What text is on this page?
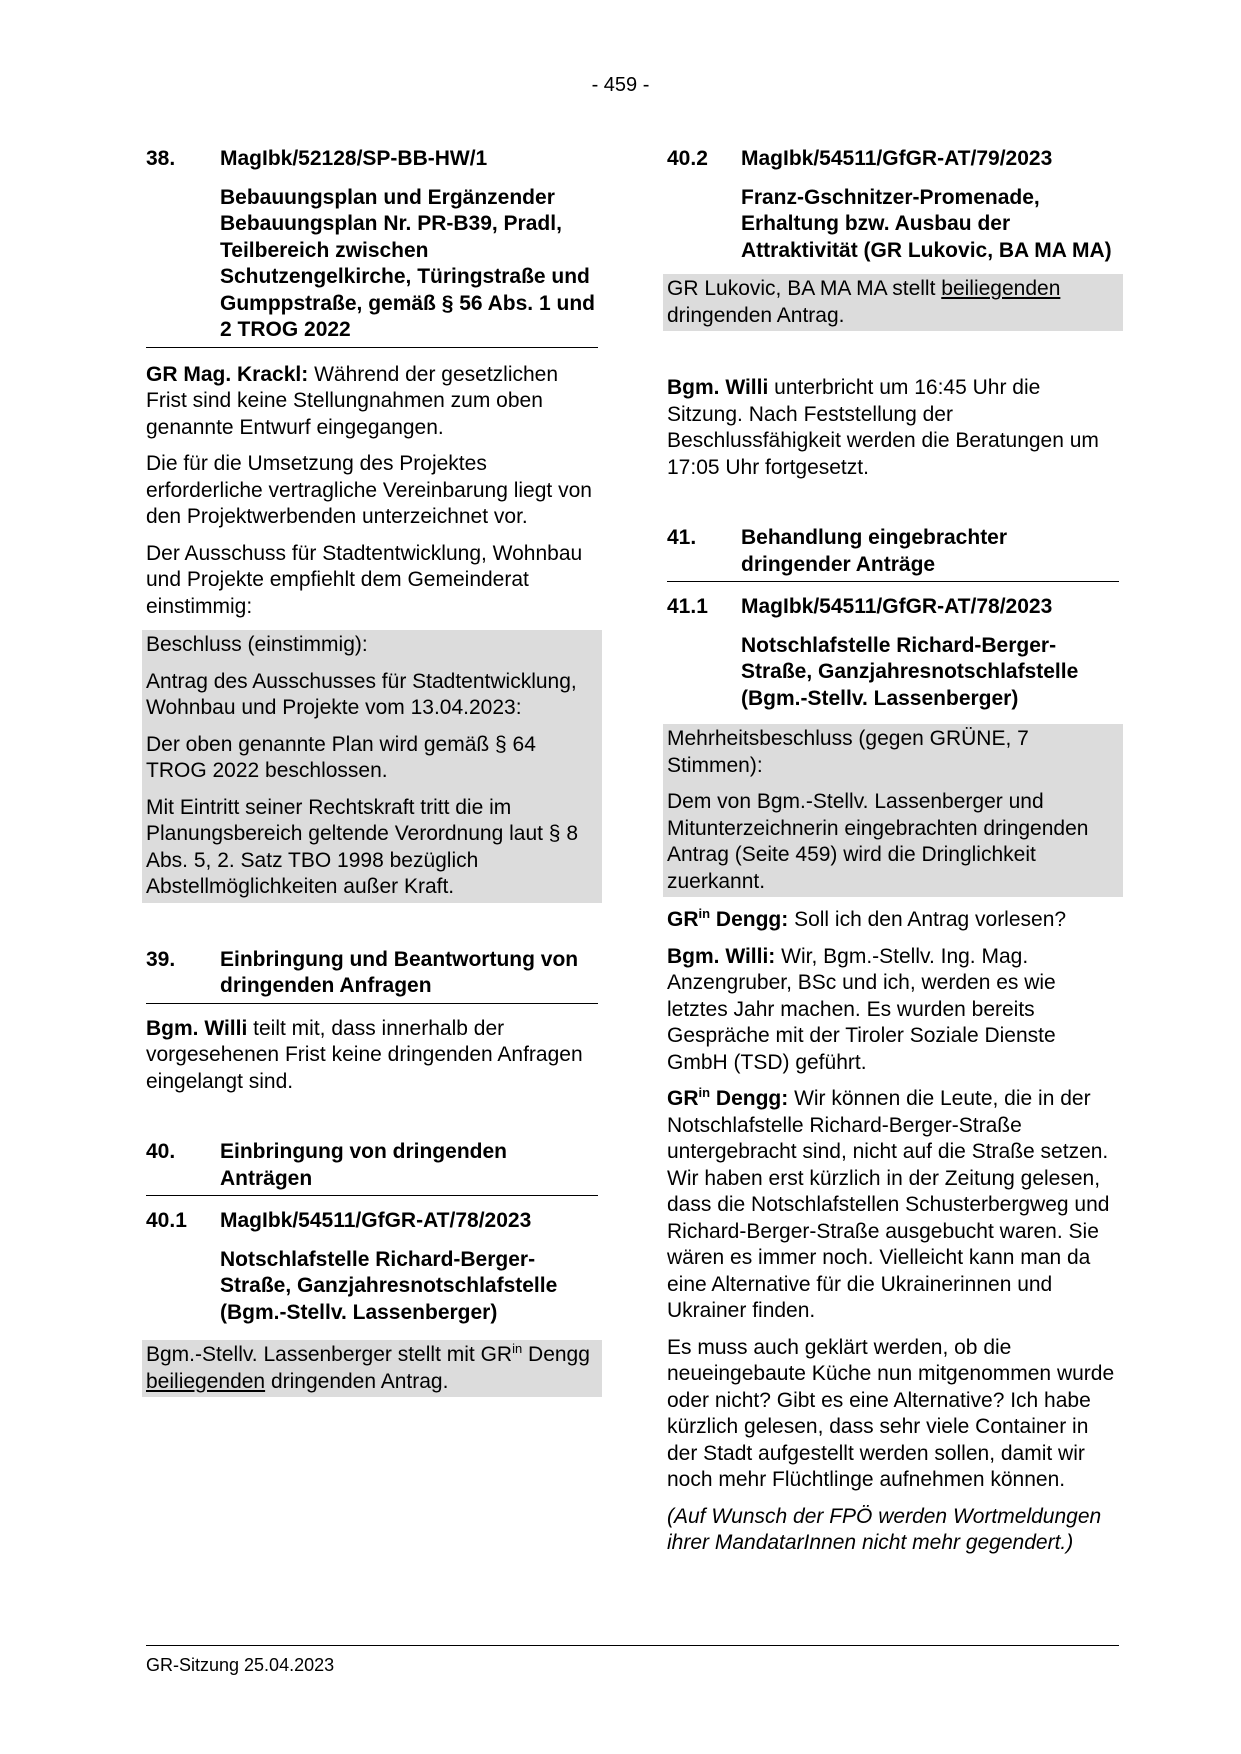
- 459 -
38.	MagIbk/52128/SP-BB-HW/1
Bebauungsplan und Ergänzender Bebauungsplan Nr. PR-B39, Pradl, Teilbereich zwischen Schutzengelkirche, Türingstraße und Gumppstraße, gemäß § 56 Abs. 1 und 2 TROG 2022

GR Mag. Krackl: Während der gesetzlichen Frist sind keine Stellungnahmen zum oben genannte Entwurf eingegangen.

Die für die Umsetzung des Projektes erforderliche vertragliche Vereinbarung liegt von den Projektwerbenden unterzeichnet vor.

Der Ausschuss für Stadtentwicklung, Wohnbau und Projekte empfiehlt dem Gemeinderat einstimmig:

Beschluss (einstimmig):

Antrag des Ausschusses für Stadtentwicklung, Wohnbau und Projekte vom 13.04.2023:

Der oben genannte Plan wird gemäß § 64 TROG 2022 beschlossen.

Mit Eintritt seiner Rechtskraft tritt die im Planungsbereich geltende Verordnung laut § 8 Abs. 5, 2. Satz TBO 1998 bezüglich Abstellmöglichkeiten außer Kraft.

39.	Einbringung und Beantwortung von dringenden Anfragen

Bgm. Willi teilt mit, dass innerhalb der vorgesehenen Frist keine dringenden Anfragen eingelangt sind.

40.	Einbringung von dringenden Anträgen
40.1	MagIbk/54511/GfGR-AT/78/2023
Notschlafstelle Richard-Berger-Straße, Ganzjahresnotschlafstelle (Bgm.-Stellv. Lassenberger)

Bgm.-Stellv. Lassenberger stellt mit $GR^{in}$ Dengg beiliegenden dringenden Antrag.

40.2	MagIbk/54511/GfGR-AT/79/2023
Franz-Gschnitzer-Promenade, Erhaltung bzw. Ausbau der Attraktivität (GR Lukovic, BA MA MA)

GR Lukovic, BA MA MA stellt beiliegenden dringenden Antrag.

Bgm. Willi unterbricht um 16:45 Uhr die Sitzung. Nach Feststellung der Beschlussfähigkeit werden die Beratungen um 17:05 Uhr fortgesetzt.

41.	Behandlung eingebrachter dringender Anträge
41.1	MagIbk/54511/GfGR-AT/78/2023
Notschlafstelle Richard-Berger-Straße, Ganzjahresnotschlafstelle (Bgm.-Stellv. Lassenberger)

Mehrheitsbeschluss (gegen GRÜNE, 7 Stimmen):

Dem von Bgm.-Stellv. Lassenberger und Mitunterzeichnerin eingebrachten dringenden Antrag (Seite 459) wird die Dringlichkeit zuerkannt.

$GR^{in}$ Dengg: Soll ich den Antrag vorlesen?

Bgm. Willi: Wir, Bgm.-Stellv. Ing. Mag. Anzengruber, BSc und ich, werden es wie letztes Jahr machen. Es wurden bereits Gespräche mit der Tiroler Soziale Dienste GmbH (TSD) geführt.

$GR^{in}$ Dengg: Wir können die Leute, die in der Notschlafstelle Richard-Berger-Straße untergebracht sind, nicht auf die Straße setzen. Wir haben erst kürzlich in der Zeitung gelesen, dass die Notschlafstellen Schusterbergweg und Richard-Berger-Straße ausgebucht waren. Sie wären es immer noch. Vielleicht kann man da eine Alternative für die Ukrainerinnen und Ukrainer finden.

Es muss auch geklärt werden, ob die neueingebaute Küche nun mitgenommen wurde oder nicht? Gibt es eine Alternative? Ich habe kürzlich gelesen, dass sehr viele Container in der Stadt aufgestellt werden sollen, damit wir noch mehr Flüchtlinge aufnehmen können.

(Auf Wunsch der FPÖ werden Wortmeldungen ihrer MandatarInnen nicht mehr gegendert.)

GR-Sitzung 25.04.2023
